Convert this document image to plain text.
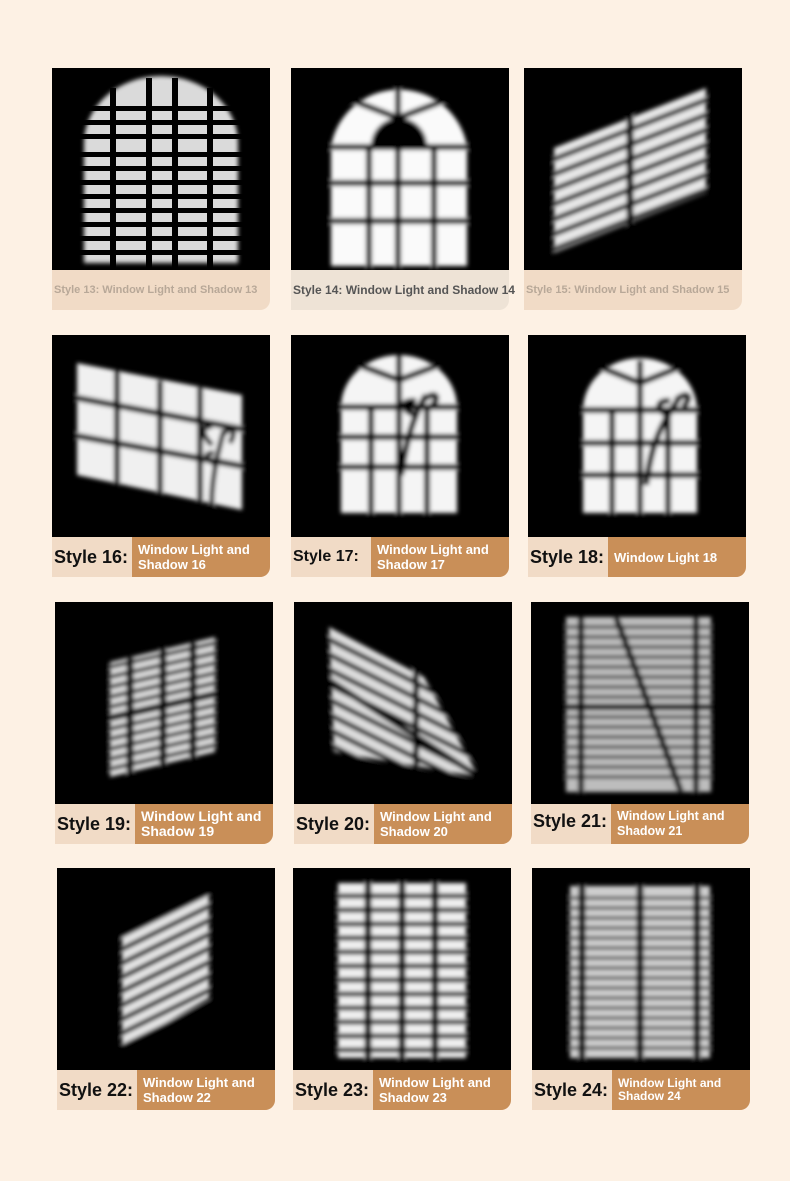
Style 13: Window Light and Shadow 13	Style 14: Window Light and Shadow 14 Style 15: Window Light and Shadow 15
Style 16: Window Light and Shadow 16	Style 17: Window Light and Shadow 17	Style 18: Window Light 18
Style 19: Window Light and Shadow 19	Style 20: Window Light and Shadow 20
Style 21: Window Light and Shadow 21
Style 22: Window Light and Shadow 22	Style 23: Window Light and Shadow 23	Style 24: Window Light and Shadow 24
